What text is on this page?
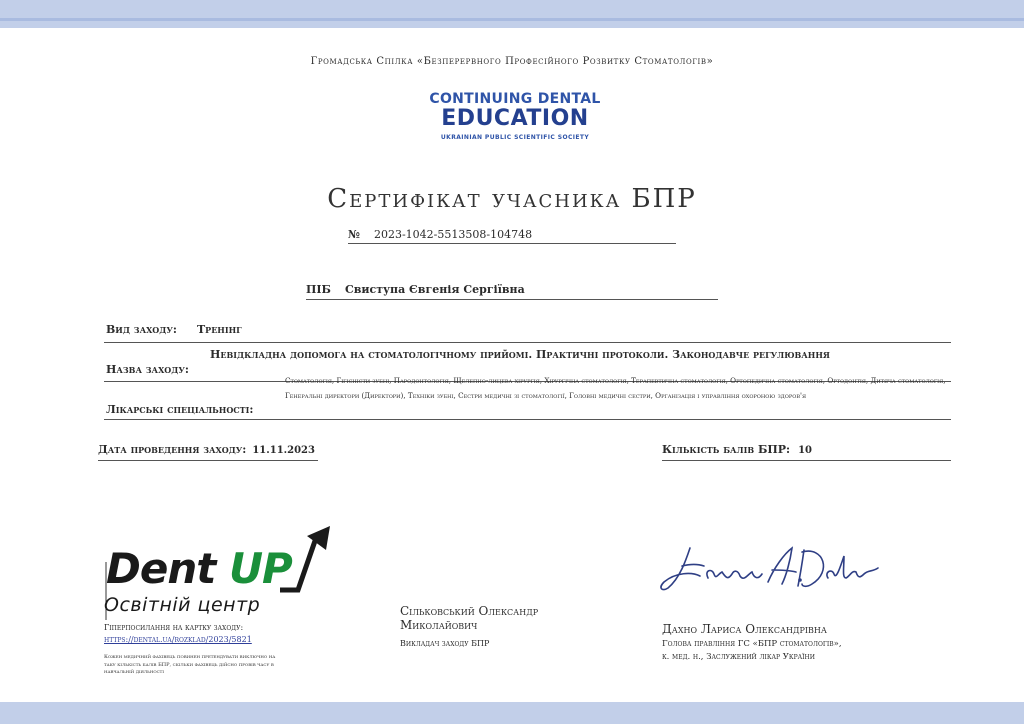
Громадська Спілка «Безперервного Професійного Розвитку Стоматологів»
CONTINUING DENTAL
EDUCATION
UKRAINIAN PUBLIC SCIENTIFIC SOCIETY
Сертифікат учасника БПР
№ 2023-1042-5513508-104748
ПІБ Свиступа Євгенія Сергіївна
Вид заходу: Тренінг
Назва заходу:
Невідкладна допомога на стоматологічному прийомі. Практичні протоколи. Законодавче регулювання
Лікарські спеціальності:
Стоматологія, Гігієністи зубні, Пародонтологія, Щелепно-лицева хірургія, Хірургічна стоматологія, Терапевтична стоматологія, Ортопедична стоматологія, Ортодонтія, Дитяча стоматологія, Генеральні директори (Директори), Техніки зубні, Сестри медичні зі стоматології, Головні медичні сестри, Організація і управління охороною здоров'я
Дата проведення заходу: 11.11.2023	Кількість балів БПР: 10
Dent UP
Освітній центр
Гіперпосилання на картку заходу:
https://dental.ua/rozklad/2023/5821
Кожен медичний фахівець повинен претендувати виключно на таку кількість балів БПР, скільки фахівець дійсно провів часу в навчальній діяльності
Сільковський Олександр
Миколайович
Викладач заходу БПР
Дахно Лариса Олександрівна
Голова правління ГС «БПР стоматологів»,
к. мед. н., Заслужений лікар України
